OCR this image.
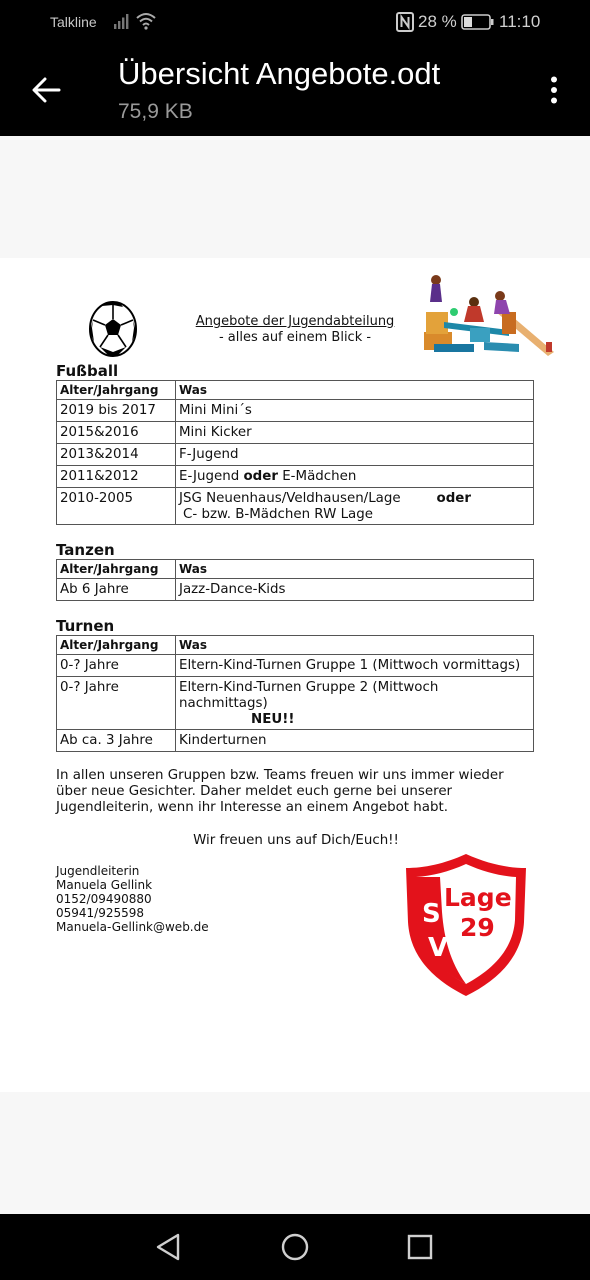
Talkline	28 % 11:10
Übersicht Angebote.odt
75,9 KB
Angebote der Jugendabteilung
- alles auf einem Blick -
Fußball
Alter/Jahrgang	Was
2019 bis 2017	Mini Mini´s
2015&2016	Mini Kicker
2013&2014	F-Jugend
2011&2012	E-Jugend oder E-Mädchen
2010-2005	JSG Neuenhaus/Veldhausen/Lage oder
C- bzw. B-Mädchen RW Lage
Tanzen
Alter/Jahrgang	Was
Ab 6 Jahre	Jazz-Dance-Kids
Turnen
Alter/Jahrgang	Was
0-? Jahre	Eltern-Kind-Turnen Gruppe 1 (Mittwoch vormittags)
0-? Jahre	Eltern-Kind-Turnen Gruppe 2 (Mittwoch nachmittags)
NEU!!

Ab ca. 3 Jahre	Kinderturnen
In allen unseren Gruppen bzw. Teams freuen wir uns immer wieder über neue Gesichter. Daher meldet euch gerne bei unserer Jugendleiterin, wenn ihr Interesse an einem Angebot habt.
Wir freuen uns auf Dich/Euch!!
Jugendleiterin
Manuela Gellink
0152/09490880
05941/925598
Manuela-Gellink@web.de	S
V
Lage
29
